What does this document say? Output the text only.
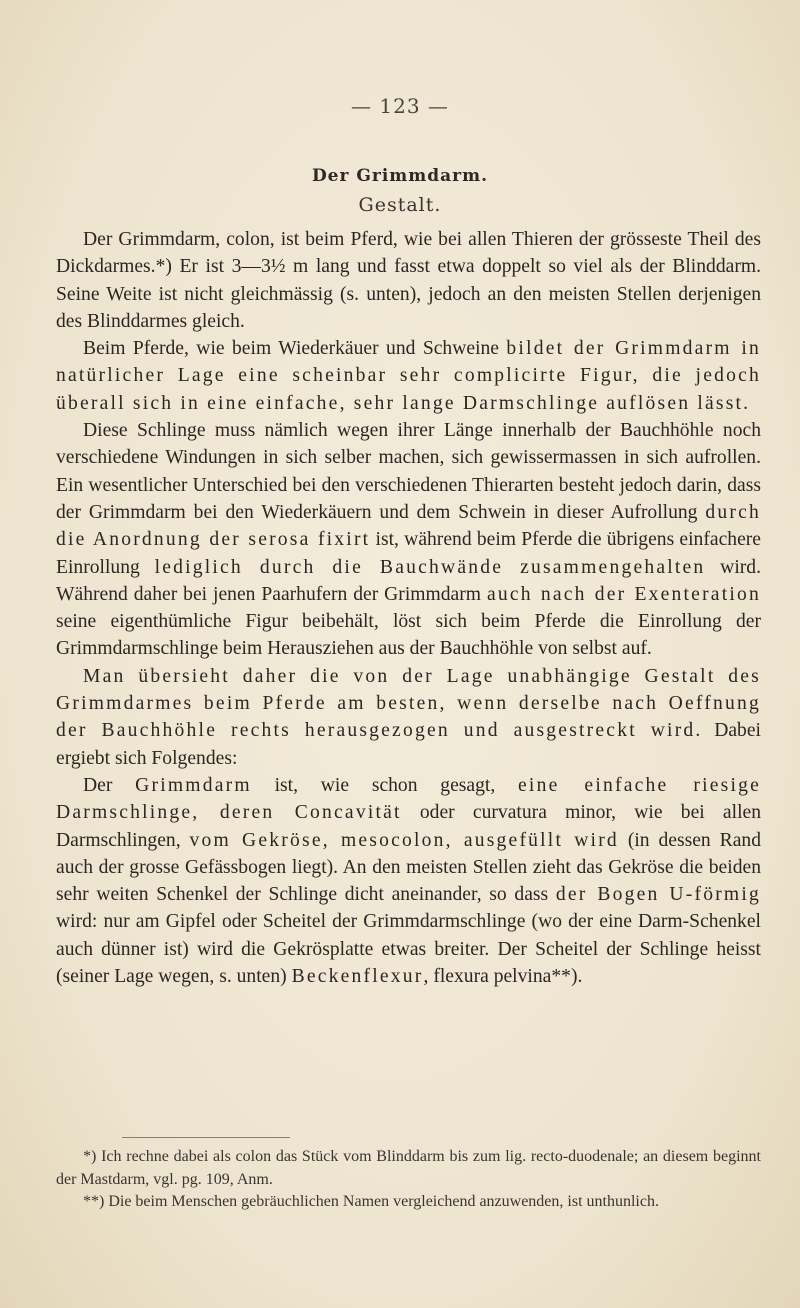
— 123 —
Der Grimmdarm.
Gestalt.

Der Grimmdarm, colon, ist beim Pferd, wie bei allen Thieren der grösseste Theil des Dickdarmes.*) Er ist 3—3½ m lang und fasst etwa doppelt so viel als der Blinddarm. Seine Weite ist nicht gleichmässig (s. unten), jedoch an den meisten Stellen derjenigen des Blinddarmes gleich.

Beim Pferde, wie beim Wiederkäuer und Schweine bildet der Grimmdarm in natürlicher Lage eine scheinbar sehr complicirte Figur, die jedoch überall sich in eine einfache, sehr lange Darmschlinge auflösen lässt.

Diese Schlinge muss nämlich wegen ihrer Länge innerhalb der Bauchhöhle noch verschiedene Windungen in sich selber machen, sich gewissermassen in sich aufrollen. Ein wesentlicher Unterschied bei den verschiedenen Thierarten besteht jedoch darin, dass der Grimmdarm bei den Wiederkäuern und dem Schwein in dieser Aufrollung durch die Anordnung der serosa fixirt ist, während beim Pferde die übrigens einfachere Einrollung lediglich durch die Bauchwände zusammengehalten wird. Während daher bei jenen Paarhufern der Grimmdarm auch nach der Exenteration seine eigenthümliche Figur beibehält, löst sich beim Pferde die Einrollung der Grimmdarmschlinge beim Herausziehen aus der Bauchhöhle von selbst auf.

Man übersieht daher die von der Lage unabhängige Gestalt des Grimmdarmes beim Pferde am besten, wenn derselbe nach Oeffnung der Bauchhöhle rechts herausgezogen und ausgestreckt wird. Dabei ergiebt sich Folgendes:

Der Grimmdarm ist, wie schon gesagt, eine einfache riesige Darmschlinge, deren Concavität oder curvatura minor, wie bei allen Darmschlingen, vom Gekröse, mesocolon, ausgefüllt wird (in dessen Rand auch der grosse Gefässbogen liegt). An den meisten Stellen zieht das Gekröse die beiden sehr weiten Schenkel der Schlinge dicht aneinander, so dass der Bogen U-förmig wird: nur am Gipfel oder Scheitel der Grimmdarmschlinge (wo der eine Darm-Schenkel auch dünner ist) wird die Gekrösplatte etwas breiter. Der Scheitel der Schlinge heisst (seiner Lage wegen, s. unten) Beckenflexur, flexura pelvina**).

*) Ich rechne dabei als colon das Stück vom Blinddarm bis zum lig. recto-duodenale; an diesem beginnt der Mastdarm, vgl. pg. 109, Anm.

**) Die beim Menschen gebräuchlichen Namen vergleichend anzuwenden, ist unthunlich.
